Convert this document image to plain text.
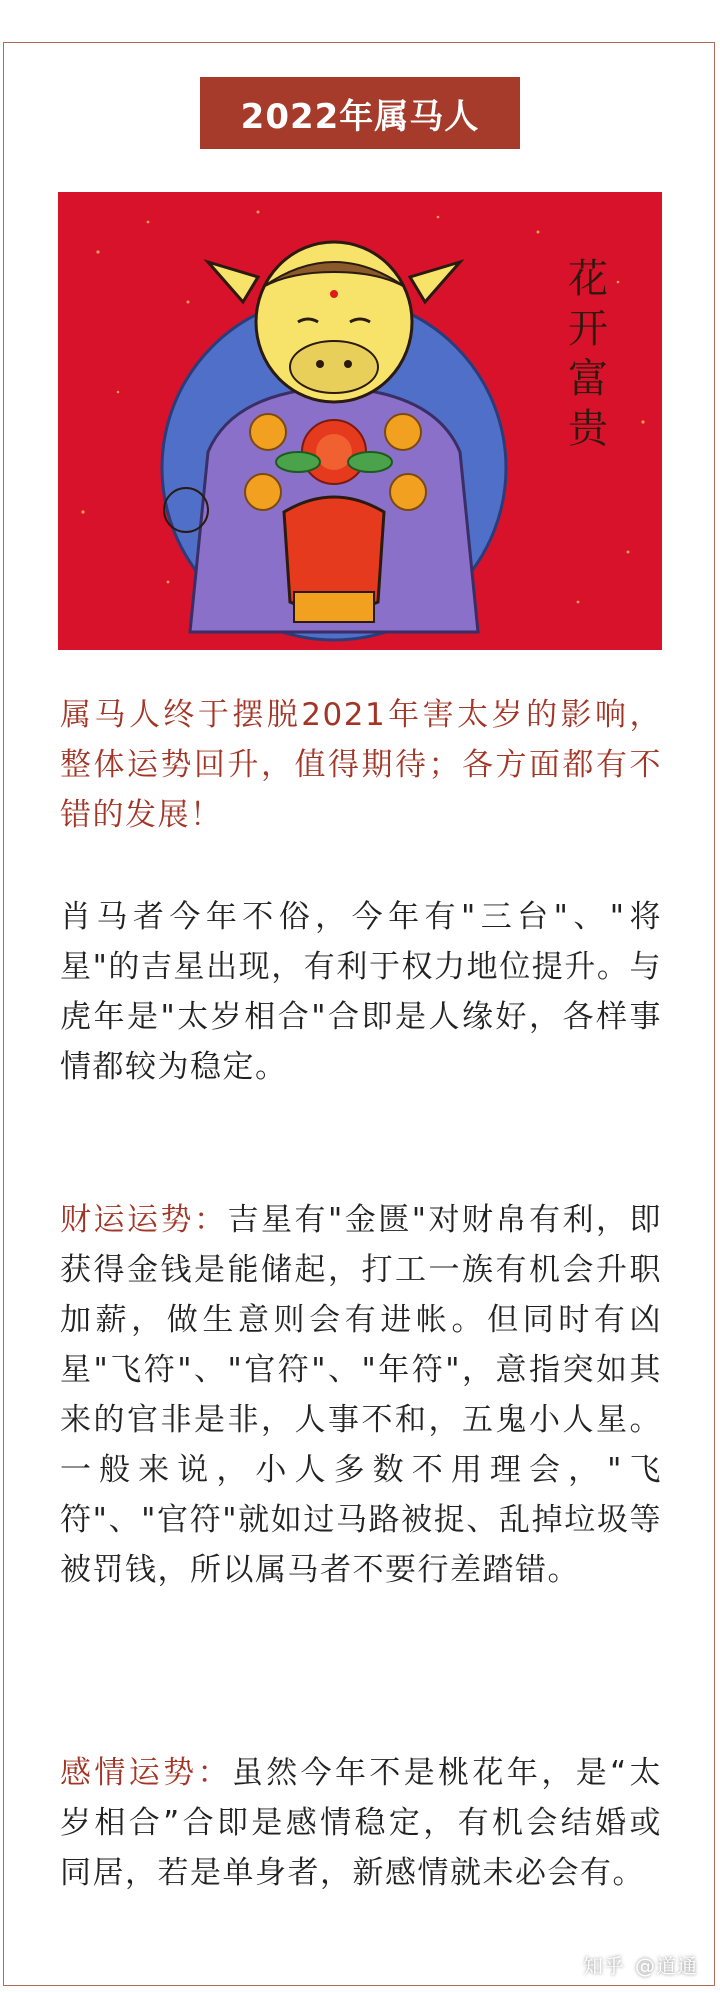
2022年属马人
花
开
富
贵

属马人终于摆脱2021年害太岁的影响，整体运势回升，值得期待；各方面都有不错的发展！

肖马者今年不俗，今年有"三台"、"将星"的吉星出现，有利于权力地位提升。与虎年是"太岁相合"合即是人缘好，各样事情都较为稳定。

财运运势：吉星有"金匮"对财帛有利，即获得金钱是能储起，打工一族有机会升职加薪，做生意则会有进帐。但同时有凶星"飞符"、"官符"、"年符"，意指突如其来的官非是非，人事不和，五鬼小人星。一般来说，小人多数不用理会，"飞符"、"官符"就如过马路被捉、乱掉垃圾等被罚钱，所以属马者不要行差踏错。

感情运势：虽然今年不是桃花年，是“太岁相合”合即是感情稳定，有机会结婚或同居，若是单身者，新感情就未必会有。

知乎 @道通
